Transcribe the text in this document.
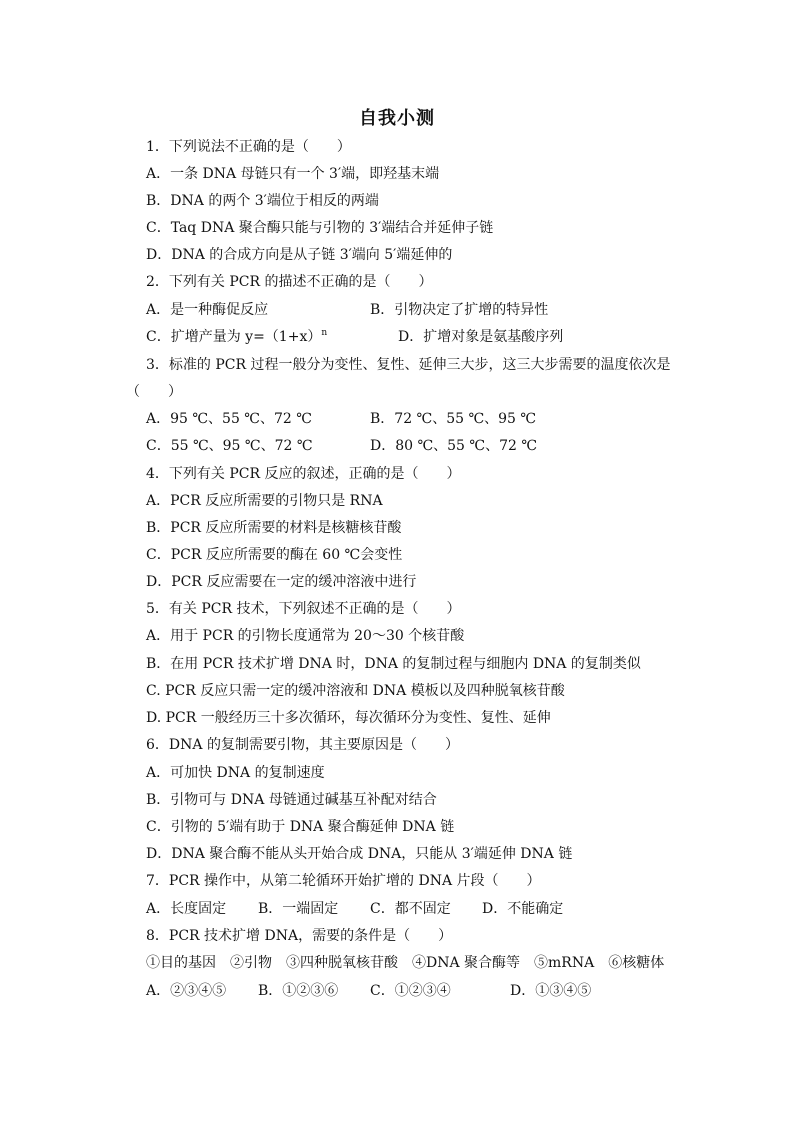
自我小测
1．下列说法不正确的是（　　）
A．一条 DNA 母链只有一个 3′端，即羟基末端
B．DNA 的两个 3′端位于相反的两端
C．Taq DNA 聚合酶只能与引物的 3′端结合并延伸子链
D．DNA 的合成方向是从子链 3′端向 5′端延伸的
2．下列有关 PCR 的描述不正确的是（　　）
A．是一种酶促反应	B．引物决定了扩增的特异性
C．扩增产量为 $y=(1+x)^n$	D．扩增对象是氨基酸序列
3．标准的 PCR 过程一般分为变性、复性、延伸三大步，这三大步需要的温度依次是
（　　）
A．95 ℃、55 ℃、72 ℃	B．72 ℃、55 ℃、95 ℃
C．55 ℃、95 ℃、72 ℃	D．80 ℃、55 ℃、72 ℃
4．下列有关 PCR 反应的叙述，正确的是（　　）
A．PCR 反应所需要的引物只是 RNA
B．PCR 反应所需要的材料是核糖核苷酸
C．PCR 反应所需要的酶在 60 ℃会变性
D．PCR 反应需要在一定的缓冲溶液中进行
5．有关 PCR 技术，下列叙述不正确的是（　　）
A．用于 PCR 的引物长度通常为 20～30 个核苷酸
B．在用 PCR 技术扩增 DNA 时，DNA 的复制过程与细胞内 DNA 的复制类似
C. PCR 反应只需一定的缓冲溶液和 DNA 模板以及四种脱氧核苷酸
D. PCR 一般经历三十多次循环，每次循环分为变性、复性、延伸
6．DNA 的复制需要引物，其主要原因是（　　）
A．可加快 DNA 的复制速度
B．引物可与 DNA 母链通过碱基互补配对结合
C．引物的 5′端有助于 DNA 聚合酶延伸 DNA 链
D．DNA 聚合酶不能从头开始合成 DNA，只能从 3′端延伸 DNA 链
7．PCR 操作中，从第二轮循环开始扩增的 DNA 片段（　　）
A．长度固定 B．一端固定 C．都不固定 D．不能确定
8．PCR 技术扩增 DNA，需要的条件是（　　）
①目的基因　②引物　③四种脱氧核苷酸　④DNA 聚合酶等　⑤mRNA　⑥核糖体
A．②③④⑤ B．①②③⑥ C．①②③④	D．①③④⑤
